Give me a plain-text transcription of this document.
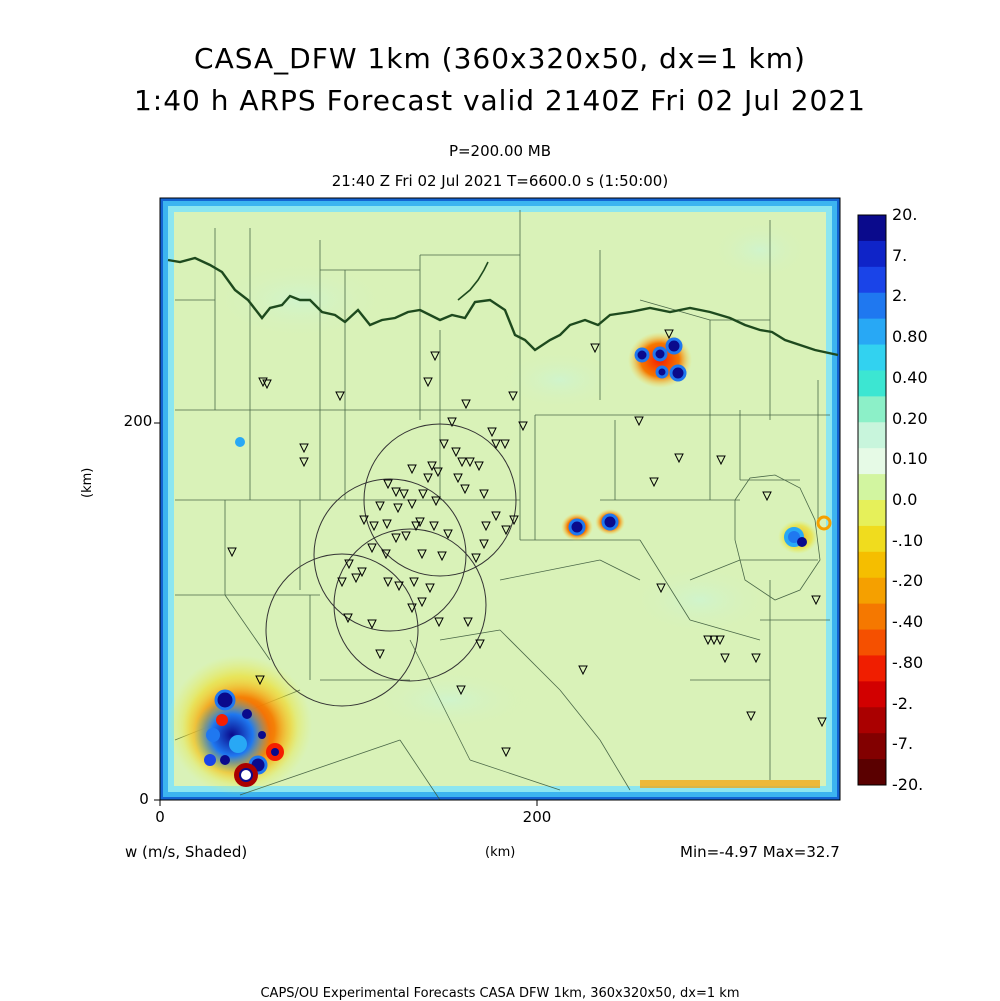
CASA_DFW 1km (360x320x50, dx=1 km)
1:40 h ARPS Forecast valid 2140Z Fri 02 Jul 2021
P=200.00 MB
21:40 Z Fri 02 Jul 2021 T=6600.0 s (1:50:00)
200
0
0	200
(km)
(km)
w (m/s, Shaded)	Min=-4.97 Max=32.7
20.
7.
2.
0.80
0.40
0.20
0.10
0.0
-.10
-.20
-.40
-.80
-2.
-7.
-20.
CAPS/OU Experimental Forecasts CASA DFW 1km, 360x320x50, dx=1 km
